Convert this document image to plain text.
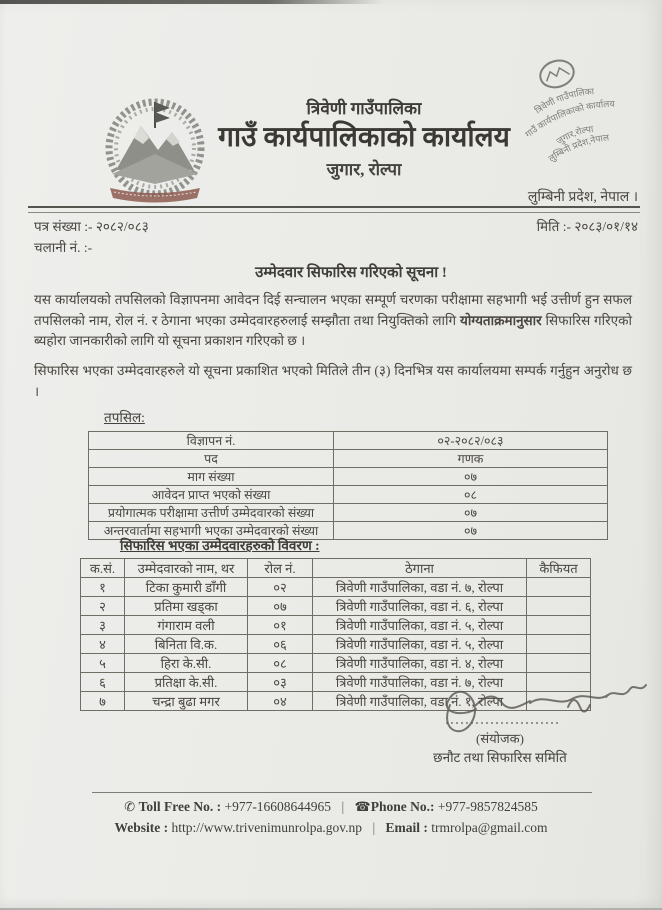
त्रिवेणी गाउँपालिका
गाउँ कार्यपालिकाको कार्यालय
जुगार, रोल्पा
त्रिवेणी गाउँपालिका
गाउँ कार्यपालिकाको कार्यालय
जुगार,रोल्पा
लुम्बिनी प्रदेश,नेपाल
लुम्बिनी प्रदेश, नेपाल ।
पत्र संख्या :- २०८२/०८३	मिति :- २०८३/०१/१४
चलानी नं. :-
उम्मेदवार सिफारिस गरिएको सूचना !

यस कार्यालयको तपसिलको विज्ञापनमा आवेदन दिई सन्चालन भएका सम्पूर्ण चरणका परीक्षामा सहभागी भई उत्तीर्ण हुन सफल तपसिलको नाम, रोल नं. र ठेगाना भएका उम्मेदवारहरुलाई सम्झौता तथा नियुक्तिको लागि योग्यताक्रमानुसार सिफारिस गरिएको ब्यहोरा जानकारीको लागि यो सूचना प्रकाशन गरिएको छ ।

सिफारिस भएका उम्मेदवारहरुले यो सूचना प्रकाशित भएको मितिले तीन (३) दिनभित्र यस कार्यालयमा सम्पर्क गर्नुहुन अनुरोध छ ।

तपसिल:
विज्ञापन नं.	०२-२०८२/०८३
पद	गणक
माग संख्या	०७
आवेदन प्राप्त भएको संख्या	०८
प्रयोगात्मक परीक्षामा उत्तीर्ण उम्मेदवारको संख्या	०७
अन्तरवार्तामा सहभागी भएका उम्मेदवारको संख्या	०७
सिफारिस भएका उम्मेदवारहरुको विवरण :
क.सं.	उम्मेदवारको नाम, थर	रोल नं.	ठेगाना	कैफियत
१	टिका कुमारी डाँगी	०२	त्रिवेणी गाउँपालिका, वडा नं. ७, रोल्पा	
२	प्रतिमा खड्का	०७	त्रिवेणी गाउँपालिका, वडा नं. ६, रोल्पा	
३	गंगाराम वली	०१	त्रिवेणी गाउँपालिका, वडा नं. ५, रोल्पा	
४	बिनिता वि.क.	०६	त्रिवेणी गाउँपालिका, वडा नं. ५, रोल्पा	
५	हिरा के.सी.	०८	त्रिवेणी गाउँपालिका, वडा नं. ४, रोल्पा	
६	प्रतिक्षा के.सी.	०३	त्रिवेणी गाउँपालिका, वडा नं. ७, रोल्पा	
७	चन्द्रा बुढा मगर	०४	त्रिवेणी गाउँपालिका, वडा नं. १, रोल्पा	
(संयोजक)
छनौट तथा सिफारिस समिति
✆ Toll Free No. : +977-16608644965 | ☎Phone No.: +977-9857824585
Website : http://www.trivenimunrolpa.gov.np | Email : trmrolpa@gmail.com
